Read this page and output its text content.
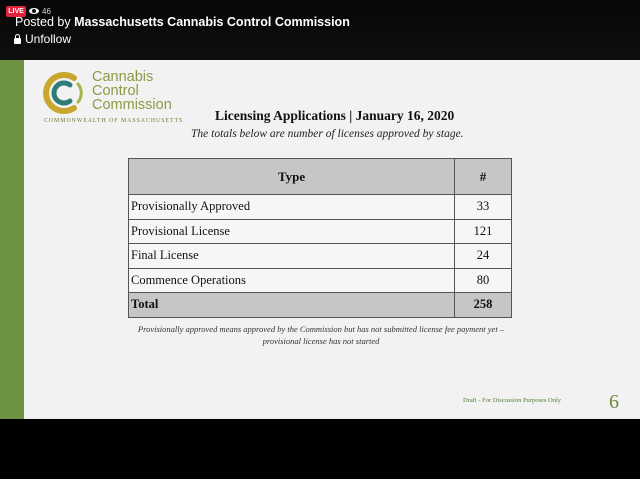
LIVE 46
Posted by Massachusetts Cannabis Control Commission
Unfollow
Cannabis
Control
Commission
COMMONWEALTH OF MASSACHUSETTS Licensing Applications | January 16, 2020
The totals below are number of licenses approved by stage.
Type	#
Provisionally Approved	33
Provisional License	121
Final License	24
Commence Operations	80
Total	258
Provisionally approved means approved by the Commission but has not submitted license fee payment yet – provisional license has not started
Draft - For Discussion Purposes Only 6
